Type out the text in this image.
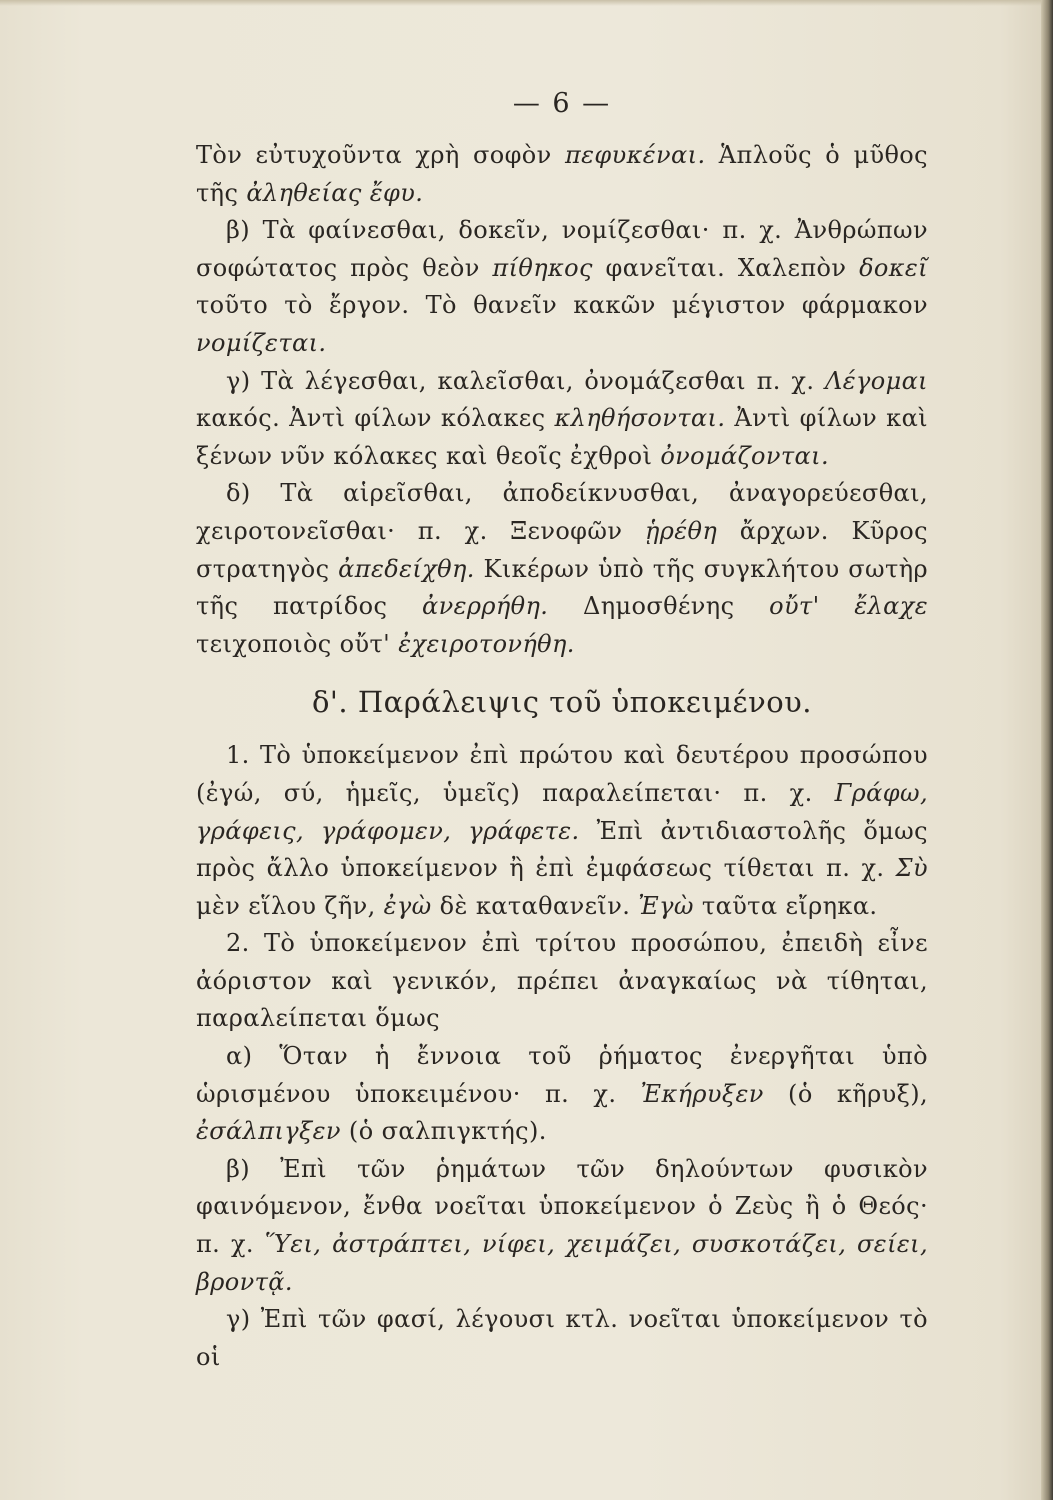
— 6 —

Τὸν εὐτυχοῦντα χρὴ σοφὸν πεφυκέναι. Ἁπλοῦς ὁ μῦθος τῆς ἀληθείας ἔφυ.

β) Τὰ φαίνεσθαι, δοκεῖν, νομίζεσθαι· π. χ. Ἀνθρώπων σοφώτατος πρὸς θεὸν πίθηκος φανεῖται. Χαλεπὸν δοκεῖ τοῦτο τὸ ἔργον. Τὸ θανεῖν κακῶν μέγιστον φάρμακον νομίζεται.

γ) Τὰ λέγεσθαι, καλεῖσθαι, ὀνομάζεσθαι π. χ. Λέγομαι κακός. Ἀντὶ φίλων κόλακες κληθήσονται. Ἀντὶ φίλων καὶ ξένων νῦν κόλακες καὶ θεοῖς ἐχθροὶ ὀνομάζονται.

δ) Τὰ αἱρεῖσθαι, ἀποδείκνυσθαι, ἀναγορεύεσθαι, χειροτονεῖσθαι· π. χ. Ξενοφῶν ᾑρέθη ἄρχων. Κῦρος στρατηγὸς ἀπεδείχθη. Κικέρων ὑπὸ τῆς συγκλήτου σωτὴρ τῆς πατρίδος ἀνερρήθη. Δημοσθένης οὔτ' ἔλαχε τειχοποιὸς οὔτ' ἐχειροτονήθη.

δ'. Παράλειψις τοῦ ὑποκειμένου.

1. Τὸ ὑποκείμενον ἐπὶ πρώτου καὶ δευτέρου προσώπου (ἐγώ, σύ, ἡμεῖς, ὑμεῖς) παραλείπεται· π. χ. Γράφω, γράφεις, γράφομεν, γράφετε. Ἐπὶ ἀντιδιαστολῆς ὅμως πρὸς ἄλλο ὑποκείμενον ἢ ἐπὶ ἐμφάσεως τίθεται π. χ. Σὺ μὲν εἵλου ζῆν, ἐγὼ δὲ καταθανεῖν. Ἐγὼ ταῦτα εἴρηκα.

2. Τὸ ὑποκείμενον ἐπὶ τρίτου προσώπου, ἐπειδὴ εἶνε ἀόριστον καὶ γενικόν, πρέπει ἀναγκαίως νὰ τίθηται, παραλείπεται ὅμως

α) Ὅταν ἡ ἔννοια τοῦ ῥήματος ἐνεργῆται ὑπὸ ὡρισμένου ὑποκειμένου· π. χ. Ἐκήρυξεν (ὁ κῆρυξ), ἐσάλπιγξεν (ὁ σαλπιγκτής).

β) Ἐπὶ τῶν ῥημάτων τῶν δηλούντων φυσικὸν φαινόμενον, ἔνθα νοεῖται ὑποκείμενον ὁ Ζεὺς ἢ ὁ Θεός· π. χ. Ὕει, ἀστράπτει, νίφει, χειμάζει, συσκοτάζει, σείει, βροντᾷ.

γ) Ἐπὶ τῶν φασί, λέγουσι κτλ. νοεῖται ὑποκείμενον τὸ οἱ
